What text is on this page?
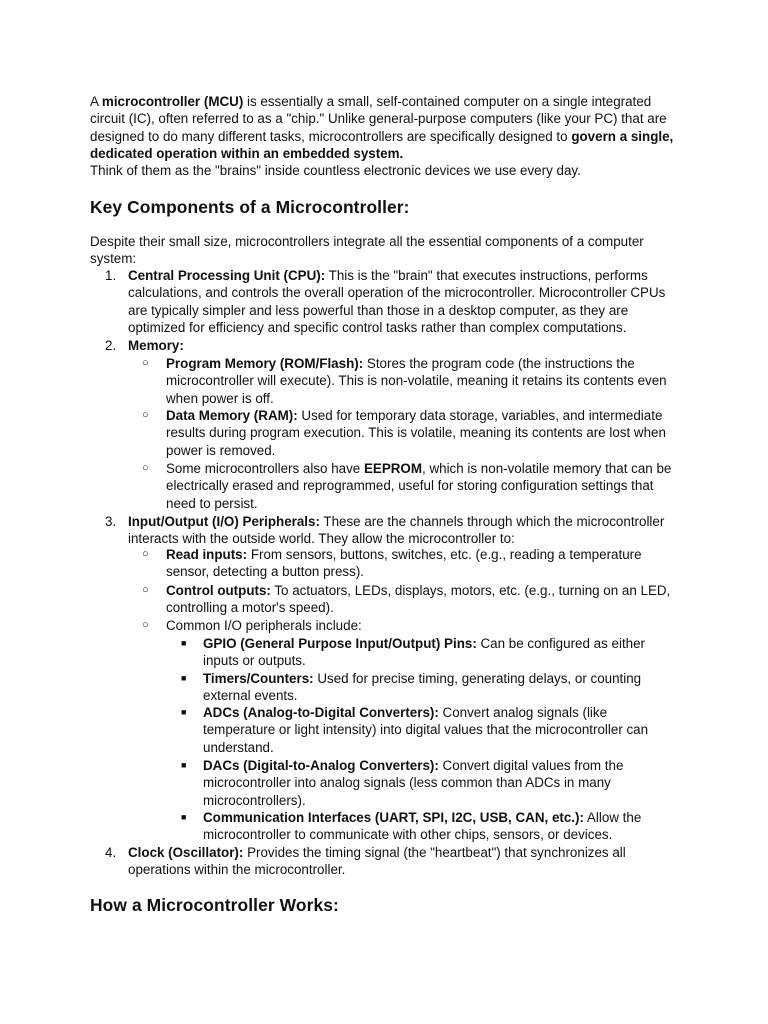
A microcontroller (MCU) is essentially a small, self-contained computer on a single integrated circuit (IC), often referred to as a "chip." Unlike general-purpose computers (like your PC) that are designed to do many different tasks, microcontrollers are specifically designed to govern a single, dedicated operation within an embedded system.

Think of them as the "brains" inside countless electronic devices we use every day.

Key Components of a Microcontroller:

Despite their small size, microcontrollers integrate all the essential components of a computer system:

1. Central Processing Unit (CPU): This is the "brain" that executes instructions, performs calculations, and controls the overall operation of the microcontroller. Microcontroller CPUs are typically simpler and less powerful than those in a desktop computer, as they are optimized for efficiency and specific control tasks rather than complex computations.

2. Memory:

○ Program Memory (ROM/Flash): Stores the program code (the instructions the microcontroller will execute). This is non-volatile, meaning it retains its contents even when power is off.

○ Data Memory (RAM): Used for temporary data storage, variables, and intermediate results during program execution. This is volatile, meaning its contents are lost when power is removed.

○ Some microcontrollers also have EEPROM, which is non-volatile memory that can be electrically erased and reprogrammed, useful for storing configuration settings that need to persist.

3. Input/Output (I/O) Peripherals: These are the channels through which the microcontroller interacts with the outside world. They allow the microcontroller to:

○ Read inputs: From sensors, buttons, switches, etc. (e.g., reading a temperature sensor, detecting a button press).

○ Control outputs: To actuators, LEDs, displays, motors, etc. (e.g., turning on an LED, controlling a motor's speed).

○ Common I/O peripherals include:

■ GPIO (General Purpose Input/Output) Pins: Can be configured as either inputs or outputs.

■ Timers/Counters: Used for precise timing, generating delays, or counting external events.

■ ADCs (Analog-to-Digital Converters): Convert analog signals (like temperature or light intensity) into digital values that the microcontroller can understand.

■ DACs (Digital-to-Analog Converters): Convert digital values from the microcontroller into analog signals (less common than ADCs in many microcontrollers).

■ Communication Interfaces (UART, SPI, I2C, USB, CAN, etc.): Allow the microcontroller to communicate with other chips, sensors, or devices.

4. Clock (Oscillator): Provides the timing signal (the "heartbeat") that synchronizes all operations within the microcontroller.

How a Microcontroller Works:
